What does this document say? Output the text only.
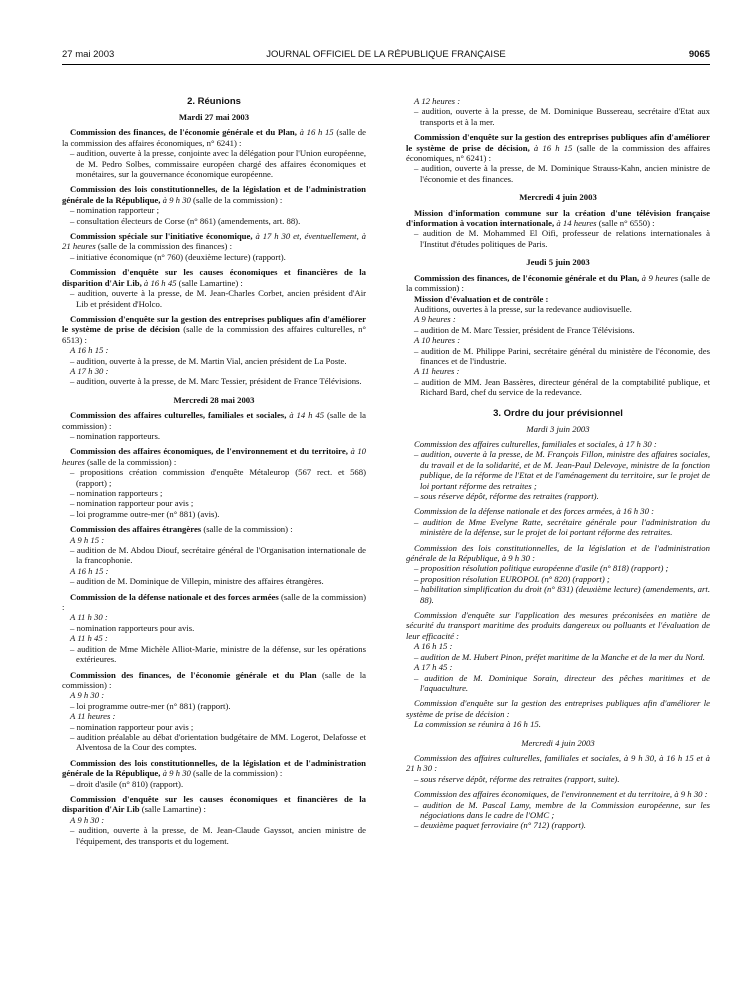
27 mai 2003	JOURNAL OFFICIEL DE LA RÉPUBLIQUE FRANÇAISE	9065
2. Réunions
Mardi 27 mai 2003

Commission des finances, de l'économie générale et du Plan, à 16 h 15 (salle de la commission des affaires économiques, n° 6241) :

– audition, ouverte à la presse, conjointe avec la délégation pour l'Union européenne, de M. Pedro Solbes, commissaire européen chargé des affaires économiques et monétaires, sur la gouvernance économique européenne.

Commission des lois constitutionnelles, de la législation et de l'administration générale de la République, à 9 h 30 (salle de la commission) :

– nomination rapporteur ;

– consultation électeurs de Corse (n° 861) (amendements, art. 88).

Commission spéciale sur l'initiative économique, à 17 h 30 et, éventuellement, à 21 heures (salle de la commission des finances) :

– initiative économique (n° 760) (deuxième lecture) (rapport).

Commission d'enquête sur les causes économiques et financières de la disparition d'Air Lib, à 16 h 45 (salle Lamartine) :

– audition, ouverte à la presse, de M. Jean-Charles Corbet, ancien président d'Air Lib et président d'Holco.

Commission d'enquête sur la gestion des entreprises publiques afin d'améliorer le système de prise de décision (salle de la commission des affaires culturelles, n° 6513) :

A 16 h 15 :

– audition, ouverte à la presse, de M. Martin Vial, ancien président de La Poste.

A 17 h 30 :

– audition, ouverte à la presse, de M. Marc Tessier, président de France Télévisions.

Mercredi 28 mai 2003

Commission des affaires culturelles, familiales et sociales, à 14 h 45 (salle de la commission) :

– nomination rapporteurs.

Commission des affaires économiques, de l'environnement et du territoire, à 10 heures (salle de la commission) :

– propositions création commission d'enquête Métaleurop (567 rect. et 568) (rapport) ;

– nomination rapporteurs ;

– nomination rapporteur pour avis ;

– loi programme outre-mer (n° 881) (avis).

Commission des affaires étrangères (salle de la commission) :

A 9 h 15 :

– audition de M. Abdou Diouf, secrétaire général de l'Organisation internationale de la francophonie.

A 16 h 15 :

– audition de M. Dominique de Villepin, ministre des affaires étrangères.

Commission de la défense nationale et des forces armées (salle de la commission) :

A 11 h 30 :

– nomination rapporteurs pour avis.

A 11 h 45 :

– audition de Mme Michèle Alliot-Marie, ministre de la défense, sur les opérations extérieures.

Commission des finances, de l'économie générale et du Plan (salle de la commission) :

A 9 h 30 :

– loi programme outre-mer (n° 881) (rapport).

A 11 heures :

– nomination rapporteur pour avis ;

– audition préalable au débat d'orientation budgétaire de MM. Logerot, Delafosse et Alventosa de la Cour des comptes.

Commission des lois constitutionnelles, de la législation et de l'administration générale de la République, à 9 h 30 (salle de la commission) :

– droit d'asile (n° 810) (rapport).

Commission d'enquête sur les causes économiques et financières de la disparition d'Air Lib (salle Lamartine) :

A 9 h 30 :

– audition, ouverte à la presse, de M. Jean-Claude Gayssot, ancien ministre de l'équipement, des transports et du logement.

A 12 heures :

– audition, ouverte à la presse, de M. Dominique Bussereau, secrétaire d'Etat aux transports et à la mer.

Commission d'enquête sur la gestion des entreprises publiques afin d'améliorer le système de prise de décision, à 16 h 15 (salle de la commission des affaires économiques, n° 6241) :

– audition, ouverte à la presse, de M. Dominique Strauss-Kahn, ancien ministre de l'économie et des finances.

Mercredi 4 juin 2003

Mission d'information commune sur la création d'une télévision française d'information à vocation internationale, à 14 heures (salle n° 6550) :

– audition de M. Mohammed El Oifi, professeur de relations internationales à l'Institut d'études politiques de Paris.

Jeudi 5 juin 2003

Commission des finances, de l'économie générale et du Plan, à 9 heures (salle de la commission) :

Mission d'évaluation et de contrôle :

Auditions, ouvertes à la presse, sur la redevance audiovisuelle.

A 9 heures :

– audition de M. Marc Tessier, président de France Télévisions.

A 10 heures :

– audition de M. Philippe Parini, secrétaire général du ministère de l'économie, des finances et de l'industrie.

A 11 heures :

– audition de MM. Jean Bassères, directeur général de la comptabilité publique, et Richard Bard, chef du service de la redevance.

3. Ordre du jour prévisionnel
Mardi 3 juin 2003

Commission des affaires culturelles, familiales et sociales, à 17 h 30 :

– audition, ouverte à la presse, de M. François Fillon, ministre des affaires sociales, du travail et de la solidarité, et de M. Jean-Paul Delevoye, ministre de la fonction publique, de la réforme de l'Etat et de l'aménagement du territoire, sur le projet de loi portant réforme des retraites ;

– sous réserve dépôt, réforme des retraites (rapport).

Commission de la défense nationale et des forces armées, à 16 h 30 :

– audition de Mme Evelyne Ratte, secrétaire générale pour l'administration du ministère de la défense, sur le projet de loi portant réforme des retraites.

Commission des lois constitutionnelles, de la législation et de l'administration générale de la République, à 9 h 30 :

– proposition résolution politique européenne d'asile (n° 818) (rapport) ;

– proposition résolution EUROPOL (n° 820) (rapport) ;

– habilitation simplification du droit (n° 831) (deuxième lecture) (amendements, art. 88).

Commission d'enquête sur l'application des mesures préconisées en matière de sécurité du transport maritime des produits dangereux ou polluants et l'évaluation de leur efficacité :

A 16 h 15 :

– audition de M. Hubert Pinon, préfet maritime de la Manche et de la mer du Nord.

A 17 h 45 :

– audition de M. Dominique Sorain, directeur des pêches maritimes et de l'aquaculture.

Commission d'enquête sur la gestion des entreprises publiques afin d'améliorer le système de prise de décision :

La commission se réunira à 16 h 15.

Mercredi 4 juin 2003

Commission des affaires culturelles, familiales et sociales, à 9 h 30, à 16 h 15 et à 21 h 30 :

– sous réserve dépôt, réforme des retraites (rapport, suite).

Commission des affaires économiques, de l'environnement et du territoire, à 9 h 30 :

– audition de M. Pascal Lamy, membre de la Commission européenne, sur les négociations dans le cadre de l'OMC ;

– deuxième paquet ferroviaire (n° 712) (rapport).
